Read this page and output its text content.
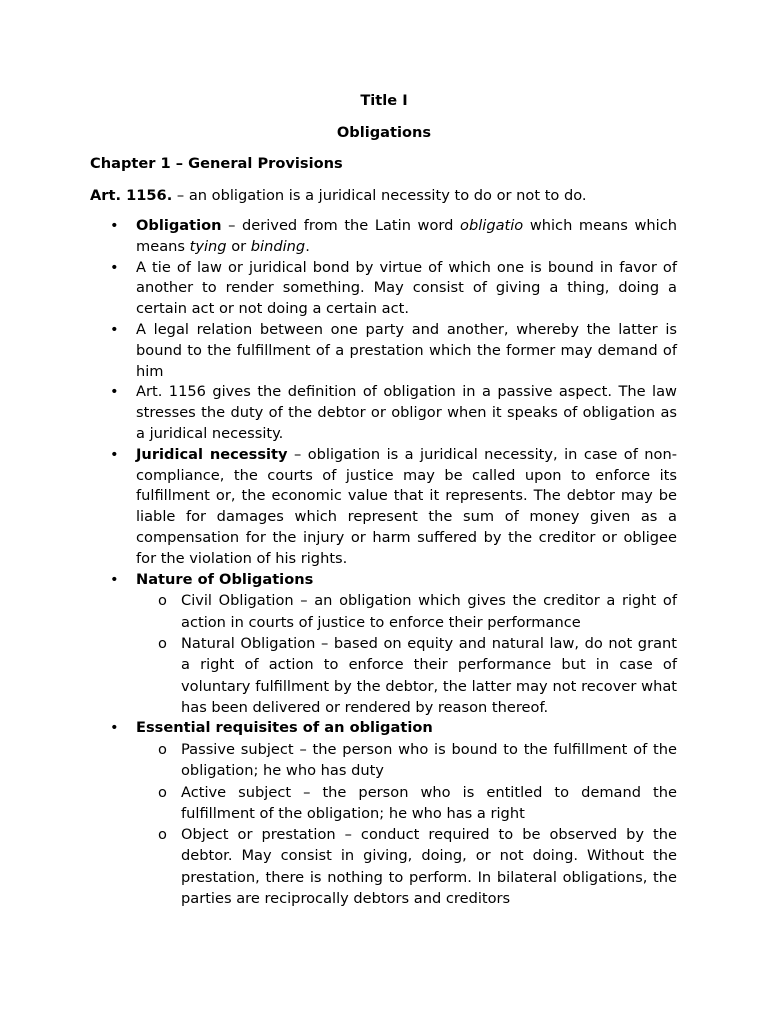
Title I

Obligations

Chapter 1 – General Provisions

Art. 1156. – an obligation is a juridical necessity to do or not to do.

• Obligation – derived from the Latin word obligatio which means which means tying or binding.
• A tie of law or juridical bond by virtue of which one is bound in favor of another to render something. May consist of giving a thing, doing a certain act or not doing a certain act.
• A legal relation between one party and another, whereby the latter is bound to the fulfillment of a prestation which the former may demand of him
• Art. 1156 gives the definition of obligation in a passive aspect. The law stresses the duty of the debtor or obligor when it speaks of obligation as a juridical necessity.
• Juridical necessity – obligation is a juridical necessity, in case of non-compliance, the courts of justice may be called upon to enforce its fulfillment or, the economic value that it represents. The debtor may be liable for damages which represent the sum of money given as a compensation for the injury or harm suffered by the creditor or obligee for the violation of his rights.
• Nature of Obligations
o Civil Obligation – an obligation which gives the creditor a right of action in courts of justice to enforce their performance
o Natural Obligation – based on equity and natural law, do not grant a right of action to enforce their performance but in case of voluntary fulfillment by the debtor, the latter may not recover what has been delivered or rendered by reason thereof.
• Essential requisites of an obligation
o Passive subject – the person who is bound to the fulfillment of the obligation; he who has duty
o Active subject – the person who is entitled to demand the fulfillment of the obligation; he who has a right
o Object or prestation – conduct required to be observed by the debtor. May consist in giving, doing, or not doing. Without the prestation, there is nothing to perform. In bilateral obligations, the parties are reciprocally debtors and creditors
